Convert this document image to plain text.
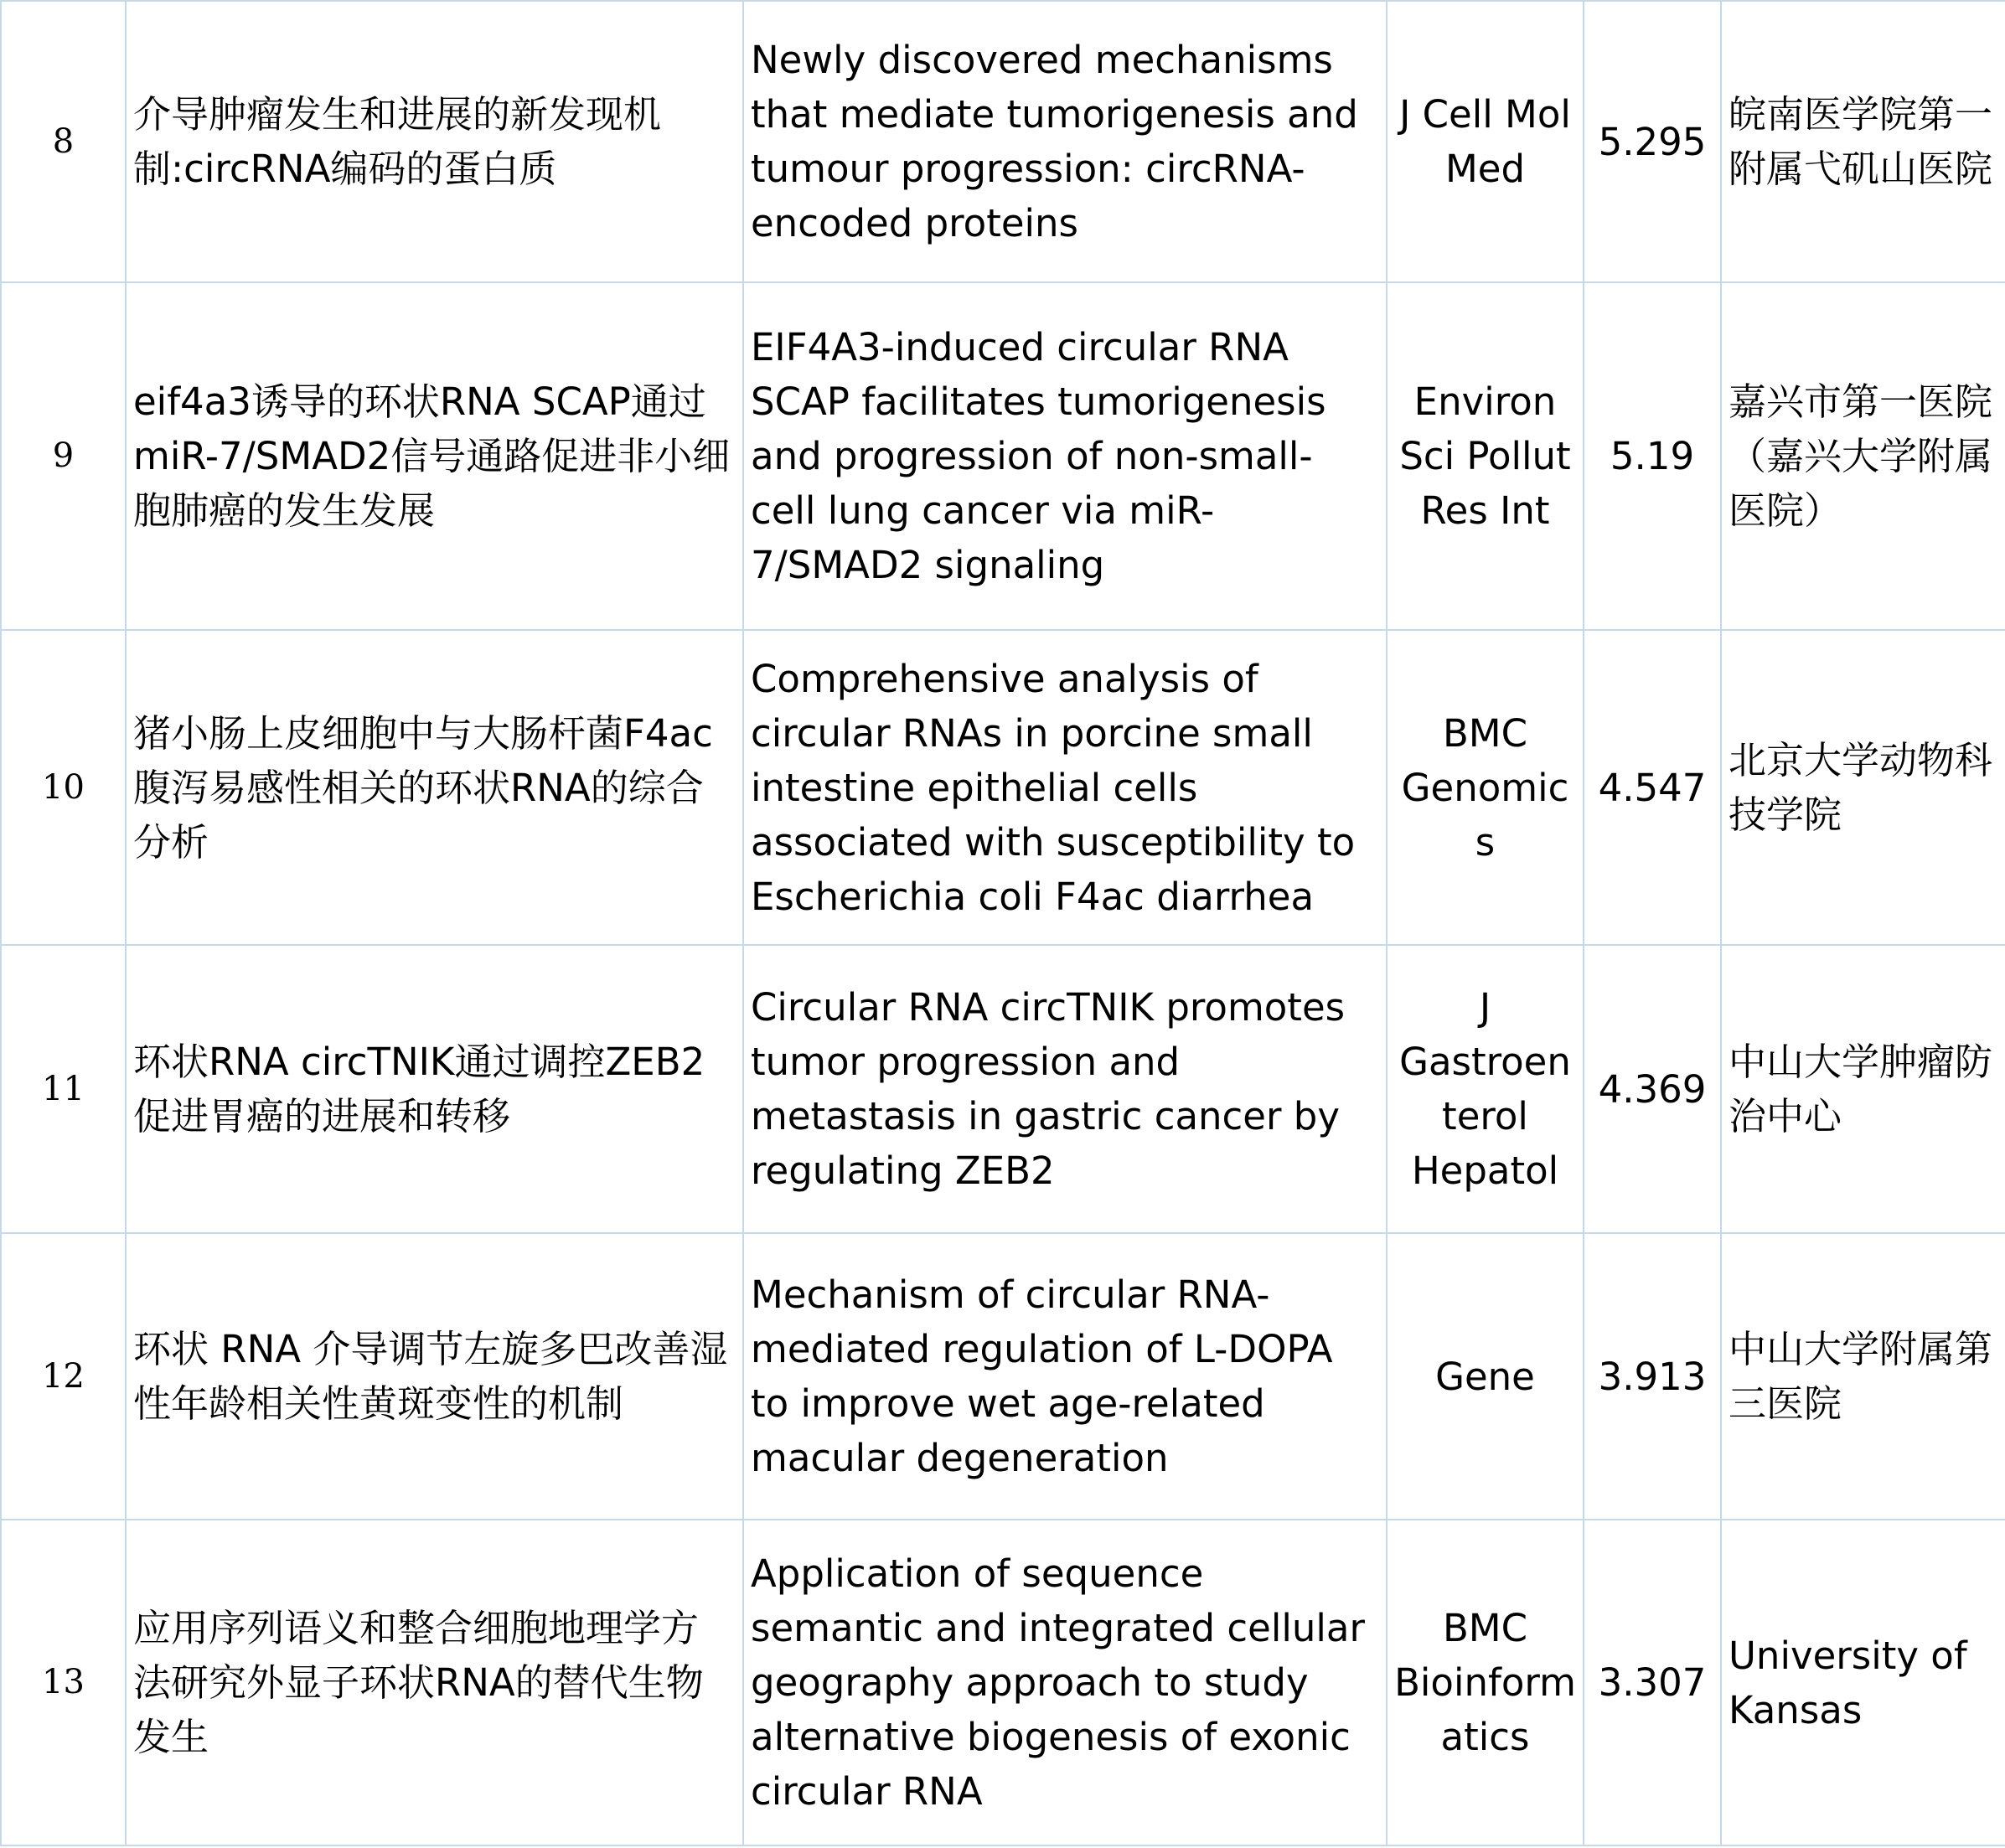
8	介导肿瘤发生和进展的新发现机制:circRNA编码的蛋白质	Newly discovered mechanisms that mediate tumorigenesis and tumour progression: circRNA-encoded proteins	J Cell Mol Med	5.295	皖南医学院第一附属弋矶山医院
9	eif4a3诱导的环状RNA SCAP通过miR-7/SMAD2信号通路促进非小细胞肺癌的发生发展	EIF4A3-induced circular RNA SCAP facilitates tumorigenesis and progression of non-small-cell lung cancer via miR-7/SMAD2 signaling	Environ Sci Pollut Res Int	5.19	嘉兴市第一医院（嘉兴大学附属医院）
10	猪小肠上皮细胞中与大肠杆菌F4ac腹泻易感性相关的环状RNA的综合分析	Comprehensive analysis of circular RNAs in porcine small intestine epithelial cells associated with susceptibility to Escherichia coli F4ac diarrhea	BMC Genomics	4.547	北京大学动物科技学院
11	环状RNA circTNIK通过调控ZEB2促进胃癌的进展和转移	Circular RNA circTNIK promotes tumor progression and metastasis in gastric cancer by regulating ZEB2	J Gastroenterol Hepatol	4.369	中山大学肿瘤防治中心
12	环状 RNA 介导调节左旋多巴改善湿性年龄相关性黄斑变性的机制	Mechanism of circular RNA-mediated regulation of L-DOPA to improve wet age-related macular degeneration	Gene	3.913	中山大学附属第三医院
13	应用序列语义和整合细胞地理学方法研究外显子环状RNA的替代生物发生	Application of sequence semantic and integrated cellular geography approach to study alternative biogenesis of exonic circular RNA	BMC Bioinformatics	3.307	University of Kansas
